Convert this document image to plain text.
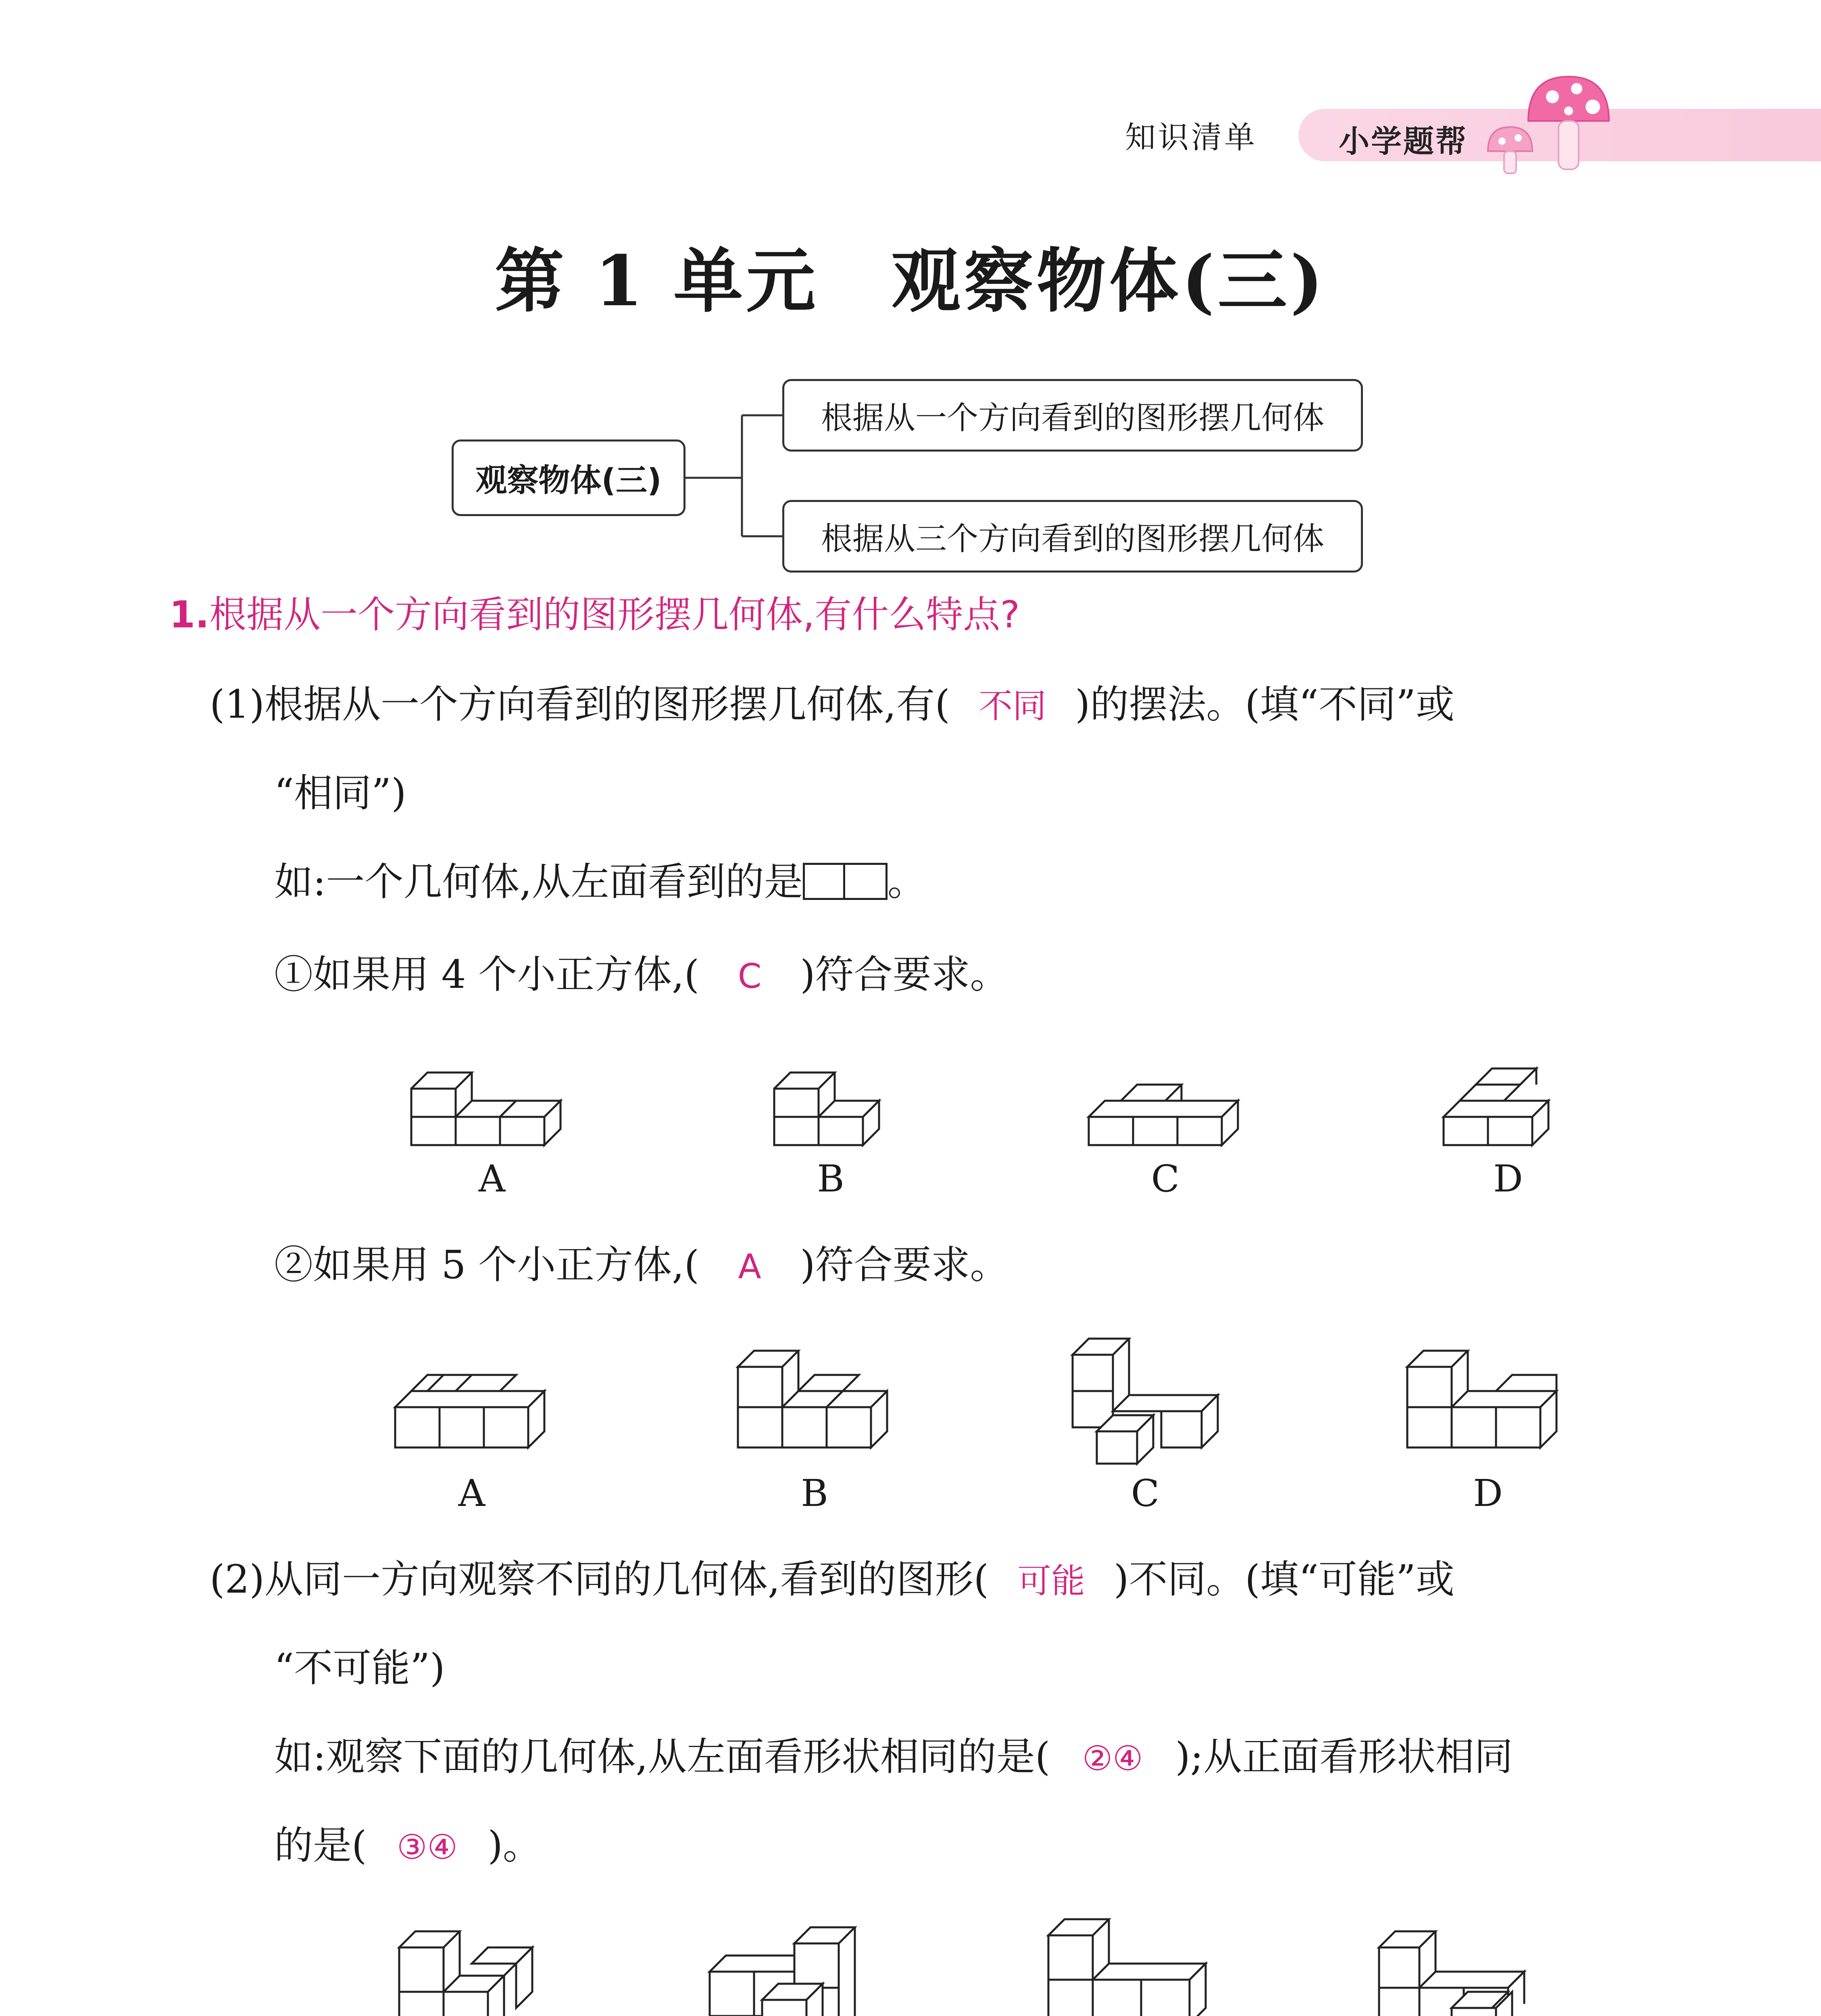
知识清单	小学题帮
第 1 单元　观察物体(三)
观察物体(三)
根据从一个方向看到的图形摆几何体
根据从三个方向看到的图形摆几何体
1.根据从一个方向看到的图形摆几何体,有什么特点?
(1)根据从一个方向看到的图形摆几何体,有( 不同 )的摆法。(填“不同”或
“相同”)
如:一个几何体,从左面看到的是 。
①如果用 4 个小正方体,( C )符合要求。
A	B	C	D
②如果用 5 个小正方体,( A )符合要求。
A	B	C	D
(2)从同一方向观察不同的几何体,看到的图形( 可能 )不同。(填“可能”或
“不可能”)
如:观察下面的几何体,从左面看形状相同的是( ②④ );从正面看形状相同
的是( ③④ )。
